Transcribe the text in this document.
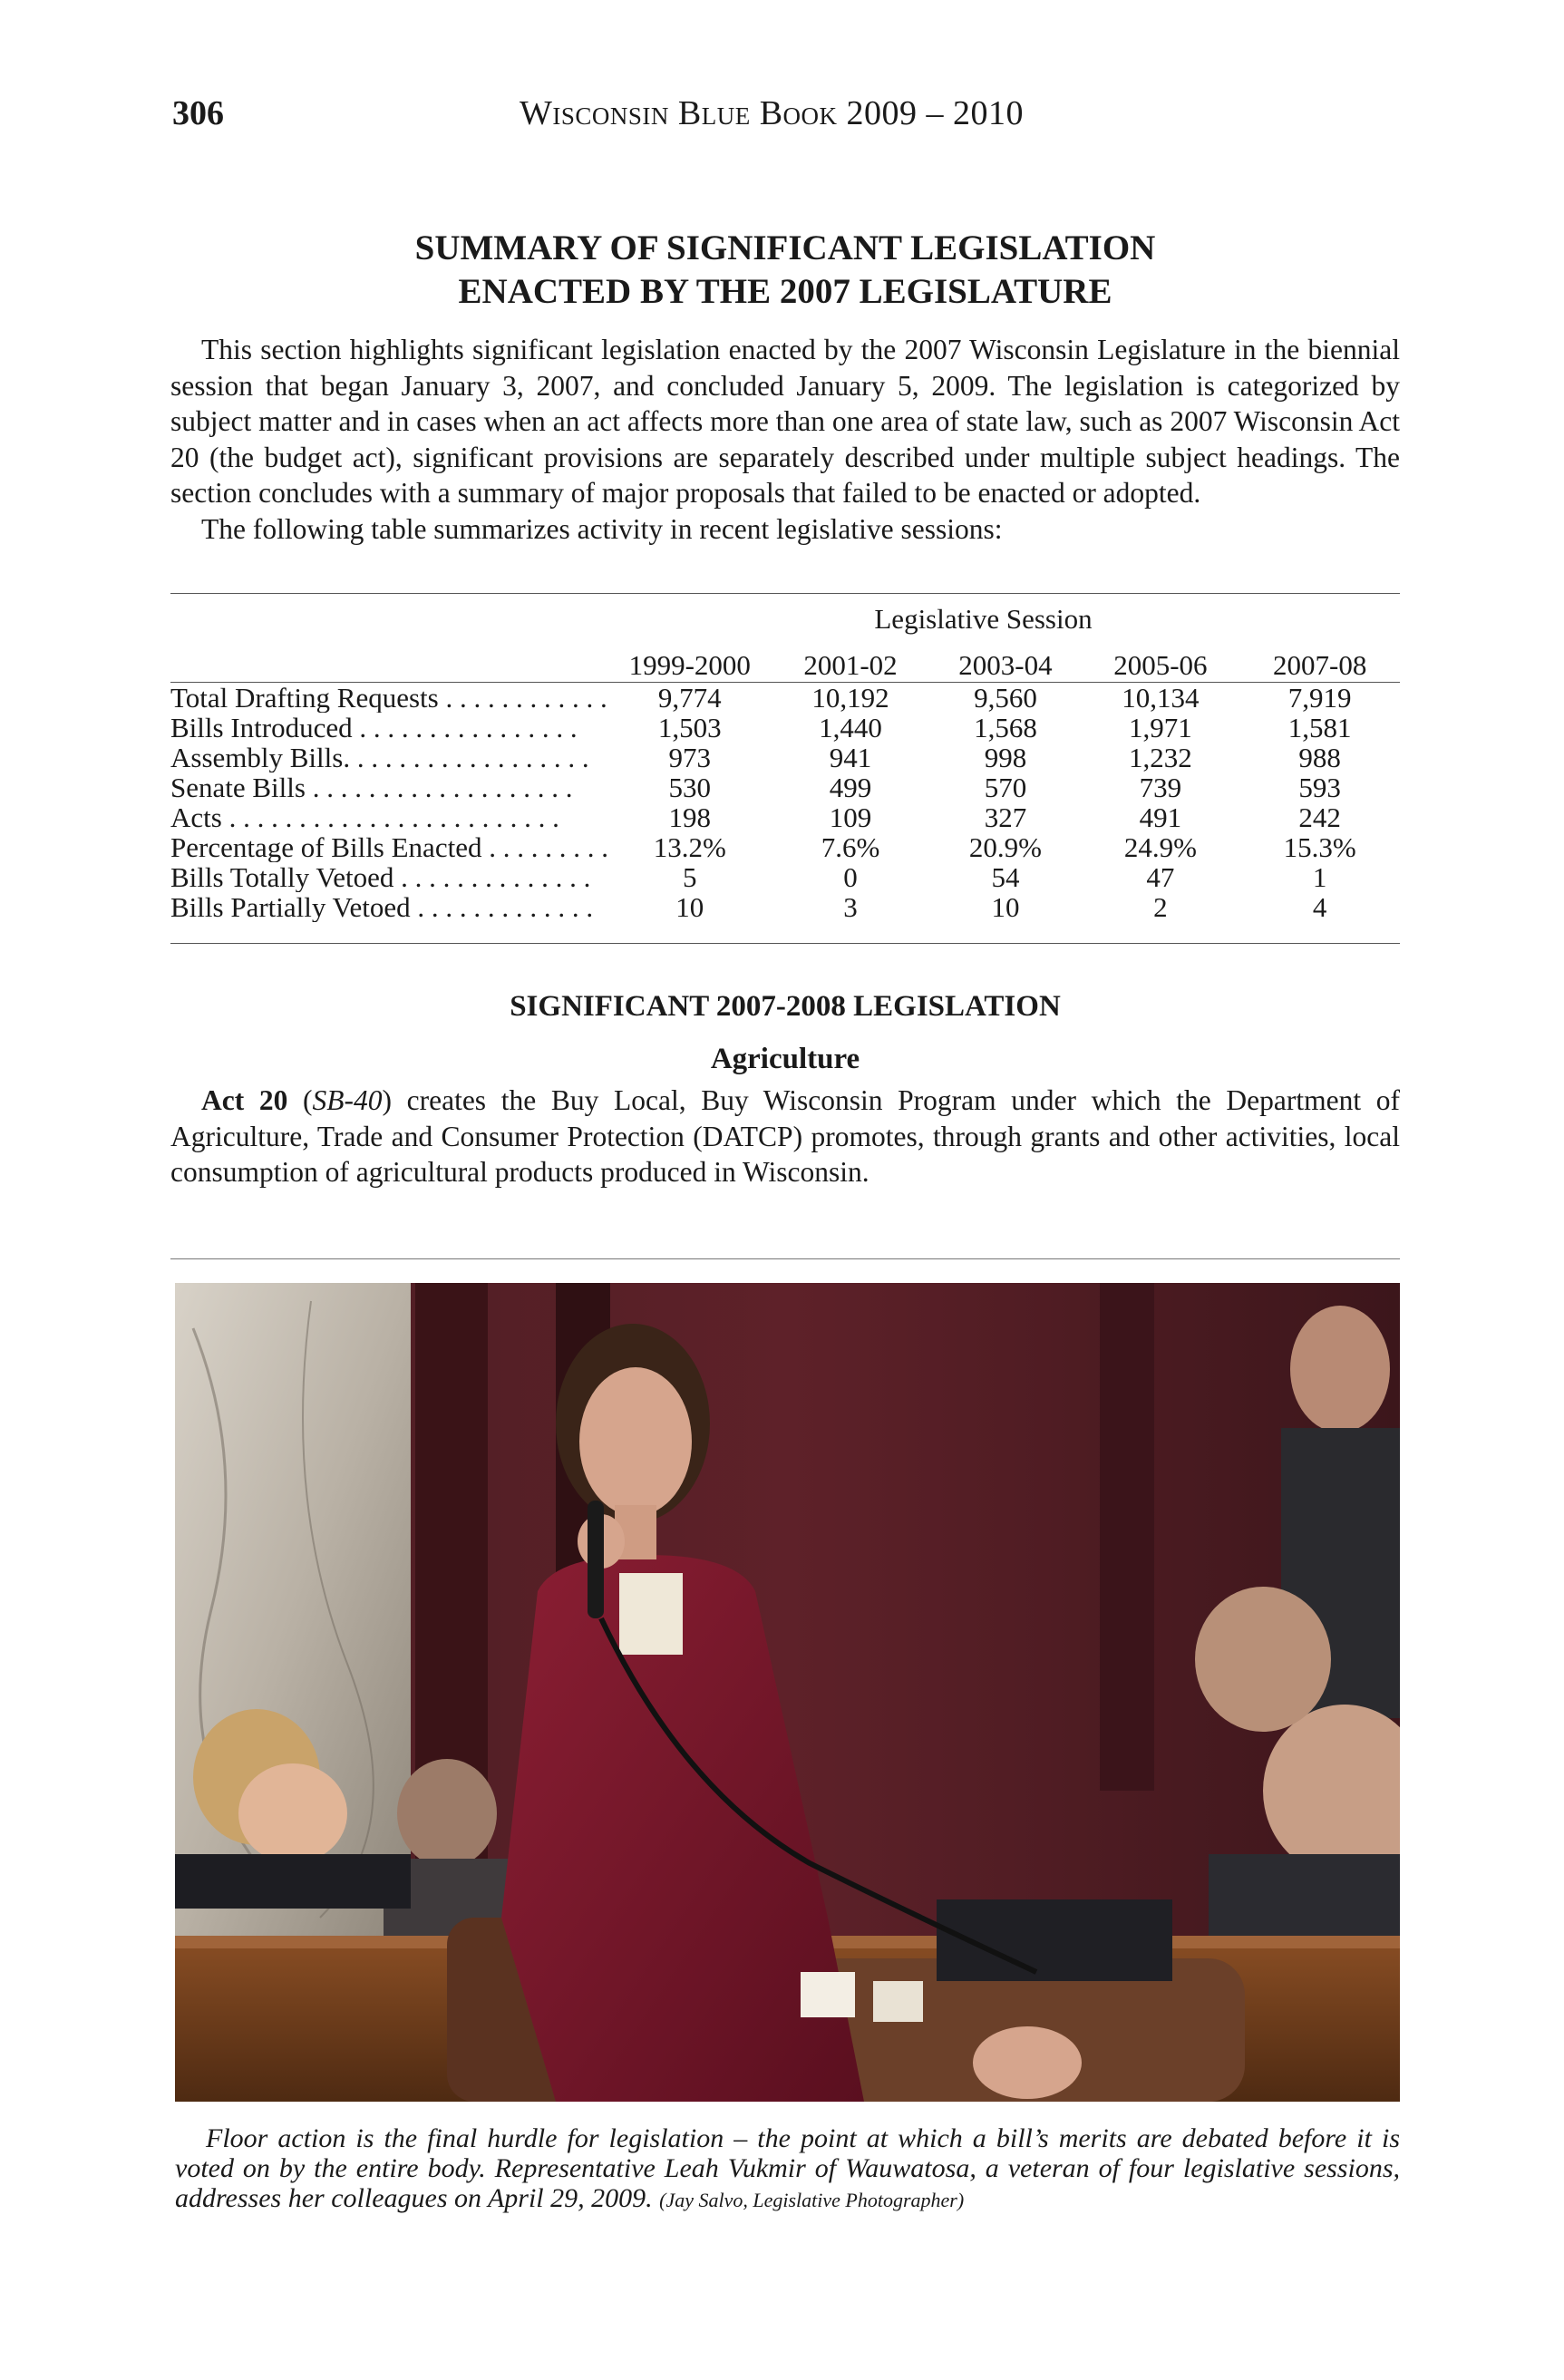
306	Wisconsin Blue Book 2009 – 2010
SUMMARY OF SIGNIFICANT LEGISLATION
ENACTED BY THE 2007 LEGISLATURE

This section highlights significant legislation enacted by the 2007 Wisconsin Legislature in the biennial session that began January 3, 2007, and concluded January 5, 2009. The legislation is categorized by subject matter and in cases when an act affects more than one area of state law, such as 2007 Wisconsin Act 20 (the budget act), significant provisions are separately described under multiple subject headings. The section concludes with a summary of major proposals that failed to be enacted or adopted.

The following table summarizes activity in recent legislative sessions:

Legislative Session
	1999-2000	2001-02	2003-04	2005-06	2007-08
Total Drafting Requests . . . . . . . . . . . .	9,774	10,192	9,560	10,134	7,919
Bills Introduced . . . . . . . . . . . . . . . .	1,503	1,440	1,568	1,971	1,581
Assembly Bills. . . . . . . . . . . . . . . . . .	973	941	998	1,232	988
Senate Bills . . . . . . . . . . . . . . . . . . .	530	499	570	739	593
Acts . . . . . . . . . . . . . . . . . . . . . . . .	198	109	327	491	242
Percentage of Bills Enacted . . . . . . . . .	13.2%	7.6%	20.9%	24.9%	15.3%
Bills Totally Vetoed . . . . . . . . . . . . . .	5	0	54	47	1
Bills Partially Vetoed . . . . . . . . . . . . .	10	3	10	2	4
SIGNIFICANT 2007-2008 LEGISLATION
Agriculture

Act 20 (SB-40) creates the Buy Local, Buy Wisconsin Program under which the Department of Agriculture, Trade and Consumer Protection (DATCP) promotes, through grants and other activities, local consumption of agricultural products produced in Wisconsin.

Floor action is the final hurdle for legislation – the point at which a bill’s merits are debated before it is voted on by the entire body. Representative Leah Vukmir of Wauwatosa, a veteran of four legislative sessions, addresses her colleagues on April 29, 2009. (Jay Salvo, Legislative Photographer)
